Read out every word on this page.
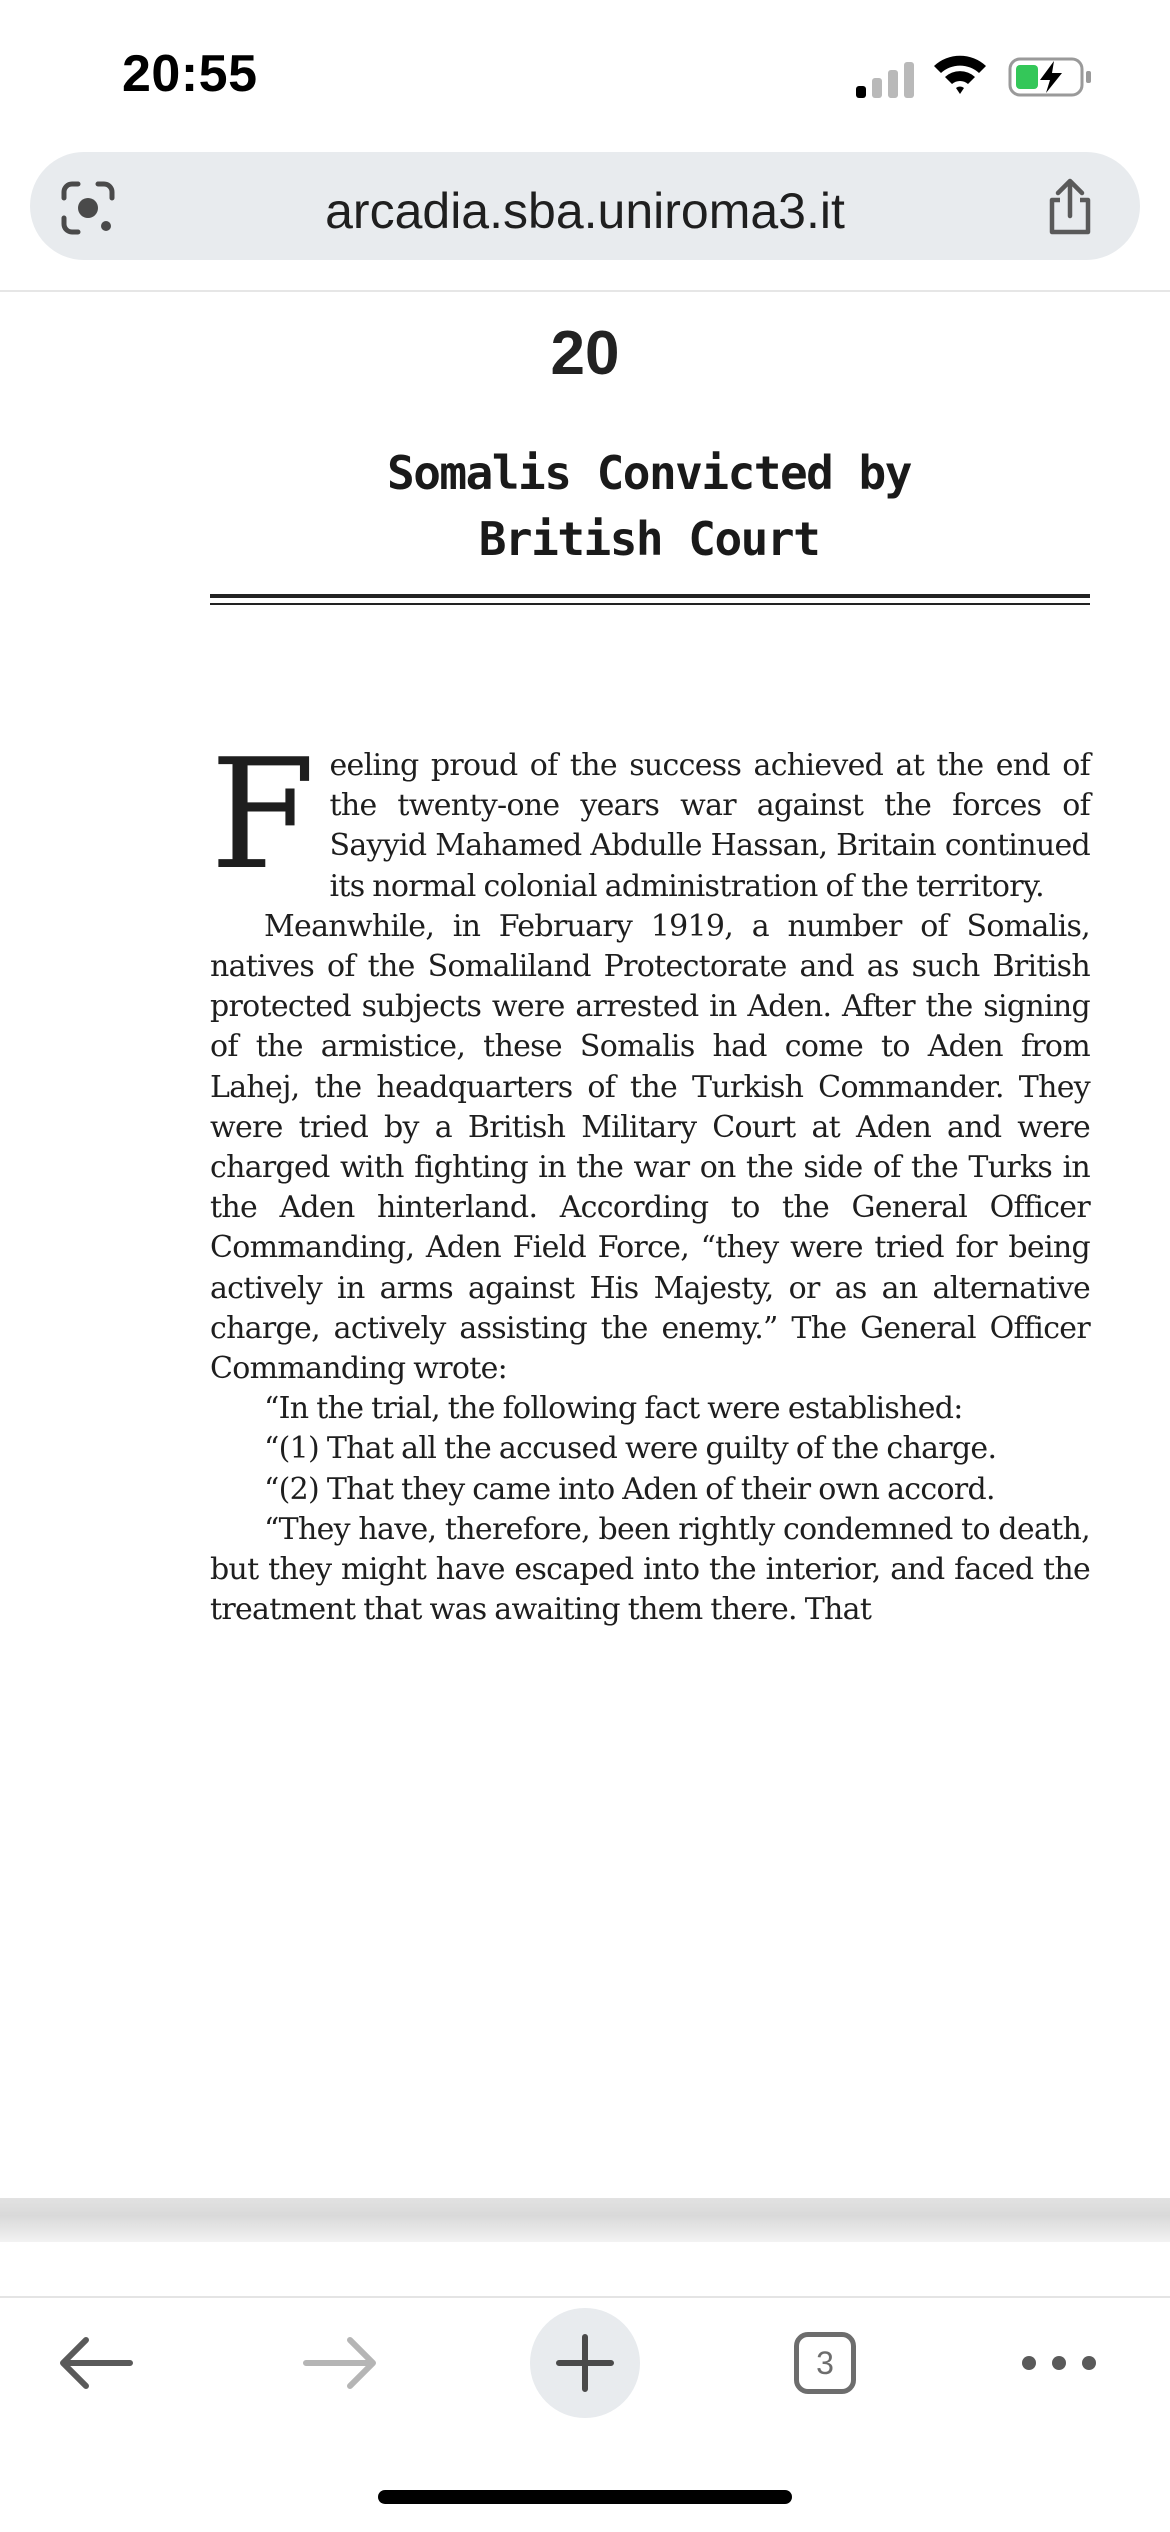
20:55
arcadia.sba.uniroma3.it
20
Somalis Convicted by
British Court

Feeling proud of the success achieved at the end of the twenty-one years war against the forces of Sayyid Mahamed Abdulle Hassan, Britain continued its normal colonial administration of the territory.

Meanwhile, in February 1919, a number of Somalis, natives of the Somaliland Protectorate and as such British protected subjects were arrested in Aden. After the signing of the armistice, these Somalis had come to Aden from Lahej, the headquarters of the Turkish Commander. They were tried by a British Military Court at Aden and were charged with fighting in the war on the side of the Turks in the Aden hinterland. According to the General Officer Commanding, Aden Field Force, “they were tried for being actively in arms against His Majesty, or as an alternative charge, actively assisting the enemy.” The General Officer Commanding wrote:

“In the trial, the following fact were established:

“(1) That all the accused were guilty of the charge.

“(2) That they came into Aden of their own accord.

“They have, therefore, been rightly condemned to death, but they might have escaped into the interior, and faced the treatment that was awaiting them there. That

3
